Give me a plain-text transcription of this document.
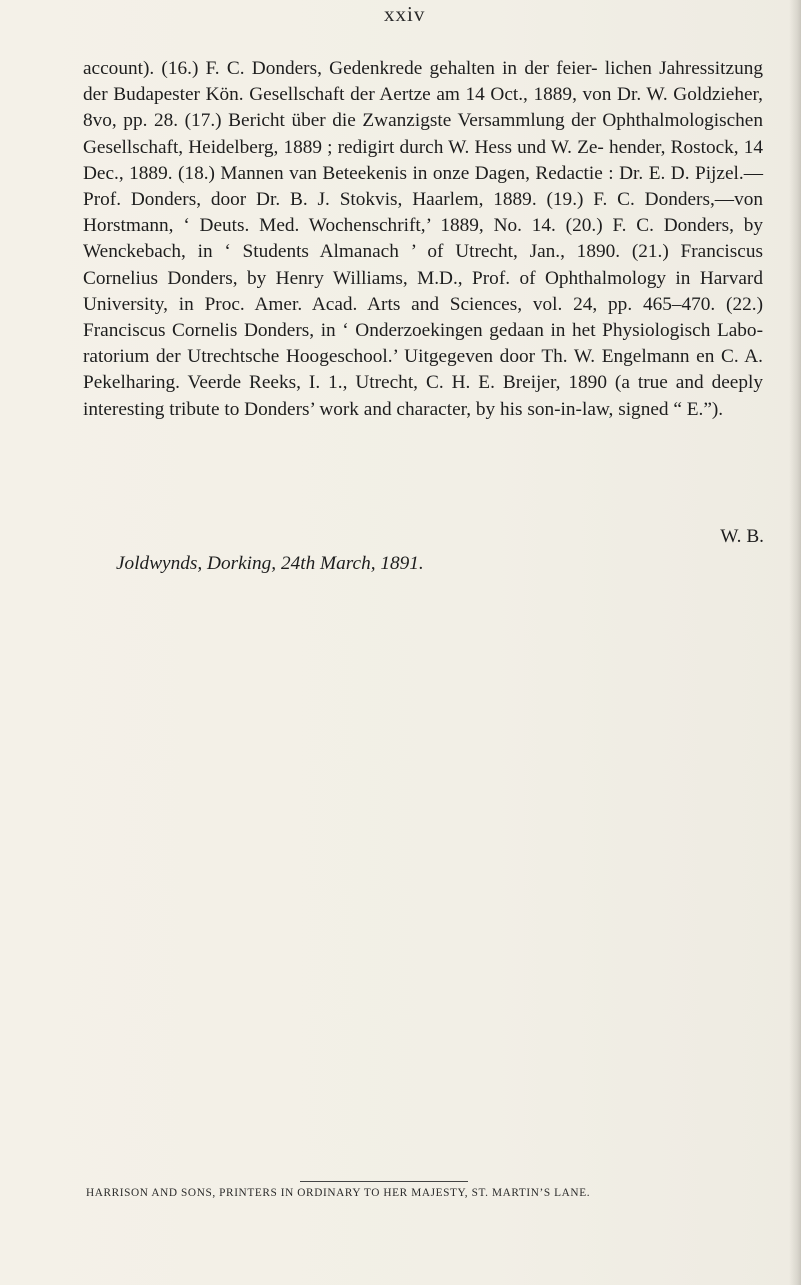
xxiv

account). (16.) F. C. Donders, Gedenkrede gehalten in der feier- lichen Jahressitzung der Budapester Kön. Gesellschaft der Aertze am 14 Oct., 1889, von Dr. W. Goldzieher, 8vo, pp. 28. (17.) Bericht über die Zwanzigste Versammlung der Ophthalmologischen Gesellschaft, Heidelberg, 1889 ; redigirt durch W. Hess und W. Ze- hender, Rostock, 14 Dec., 1889. (18.) Mannen van Beteekenis in onze Dagen, Redactie : Dr. E. D. Pijzel.—Prof. Donders, door Dr. B. J. Stokvis, Haarlem, 1889. (19.) F. C. Donders,—von Horstmann, ‘ Deuts. Med. Wochenschrift,’ 1889, No. 14. (20.) F. C. Donders, by Wenckebach, in ‘ Students Almanach ’ of Utrecht, Jan., 1890. (21.) Franciscus Cornelius Donders, by Henry Williams, M.D., Prof. of Ophthalmology in Harvard University, in Proc. Amer. Acad. Arts and Sciences, vol. 24, pp. 465–470. (22.) Franciscus Cornelis Donders, in ‘ Onderzoekingen gedaan in het Physiologisch Labo- ratorium der Utrechtsche Hoogeschool.’ Uitgegeven door Th. W. Engelmann en C. A. Pekelharing. Veerde Reeks, I. 1., Utrecht, C. H. E. Breijer, 1890 (a true and deeply interesting tribute to Donders’ work and character, by his son-in-law, signed “ E.”).

W. B.

Joldwynds, Dorking, 24th March, 1891.

HARRISON AND SONS, PRINTERS IN ORDINARY TO HER MAJESTY, ST. MARTIN’S LANE.
